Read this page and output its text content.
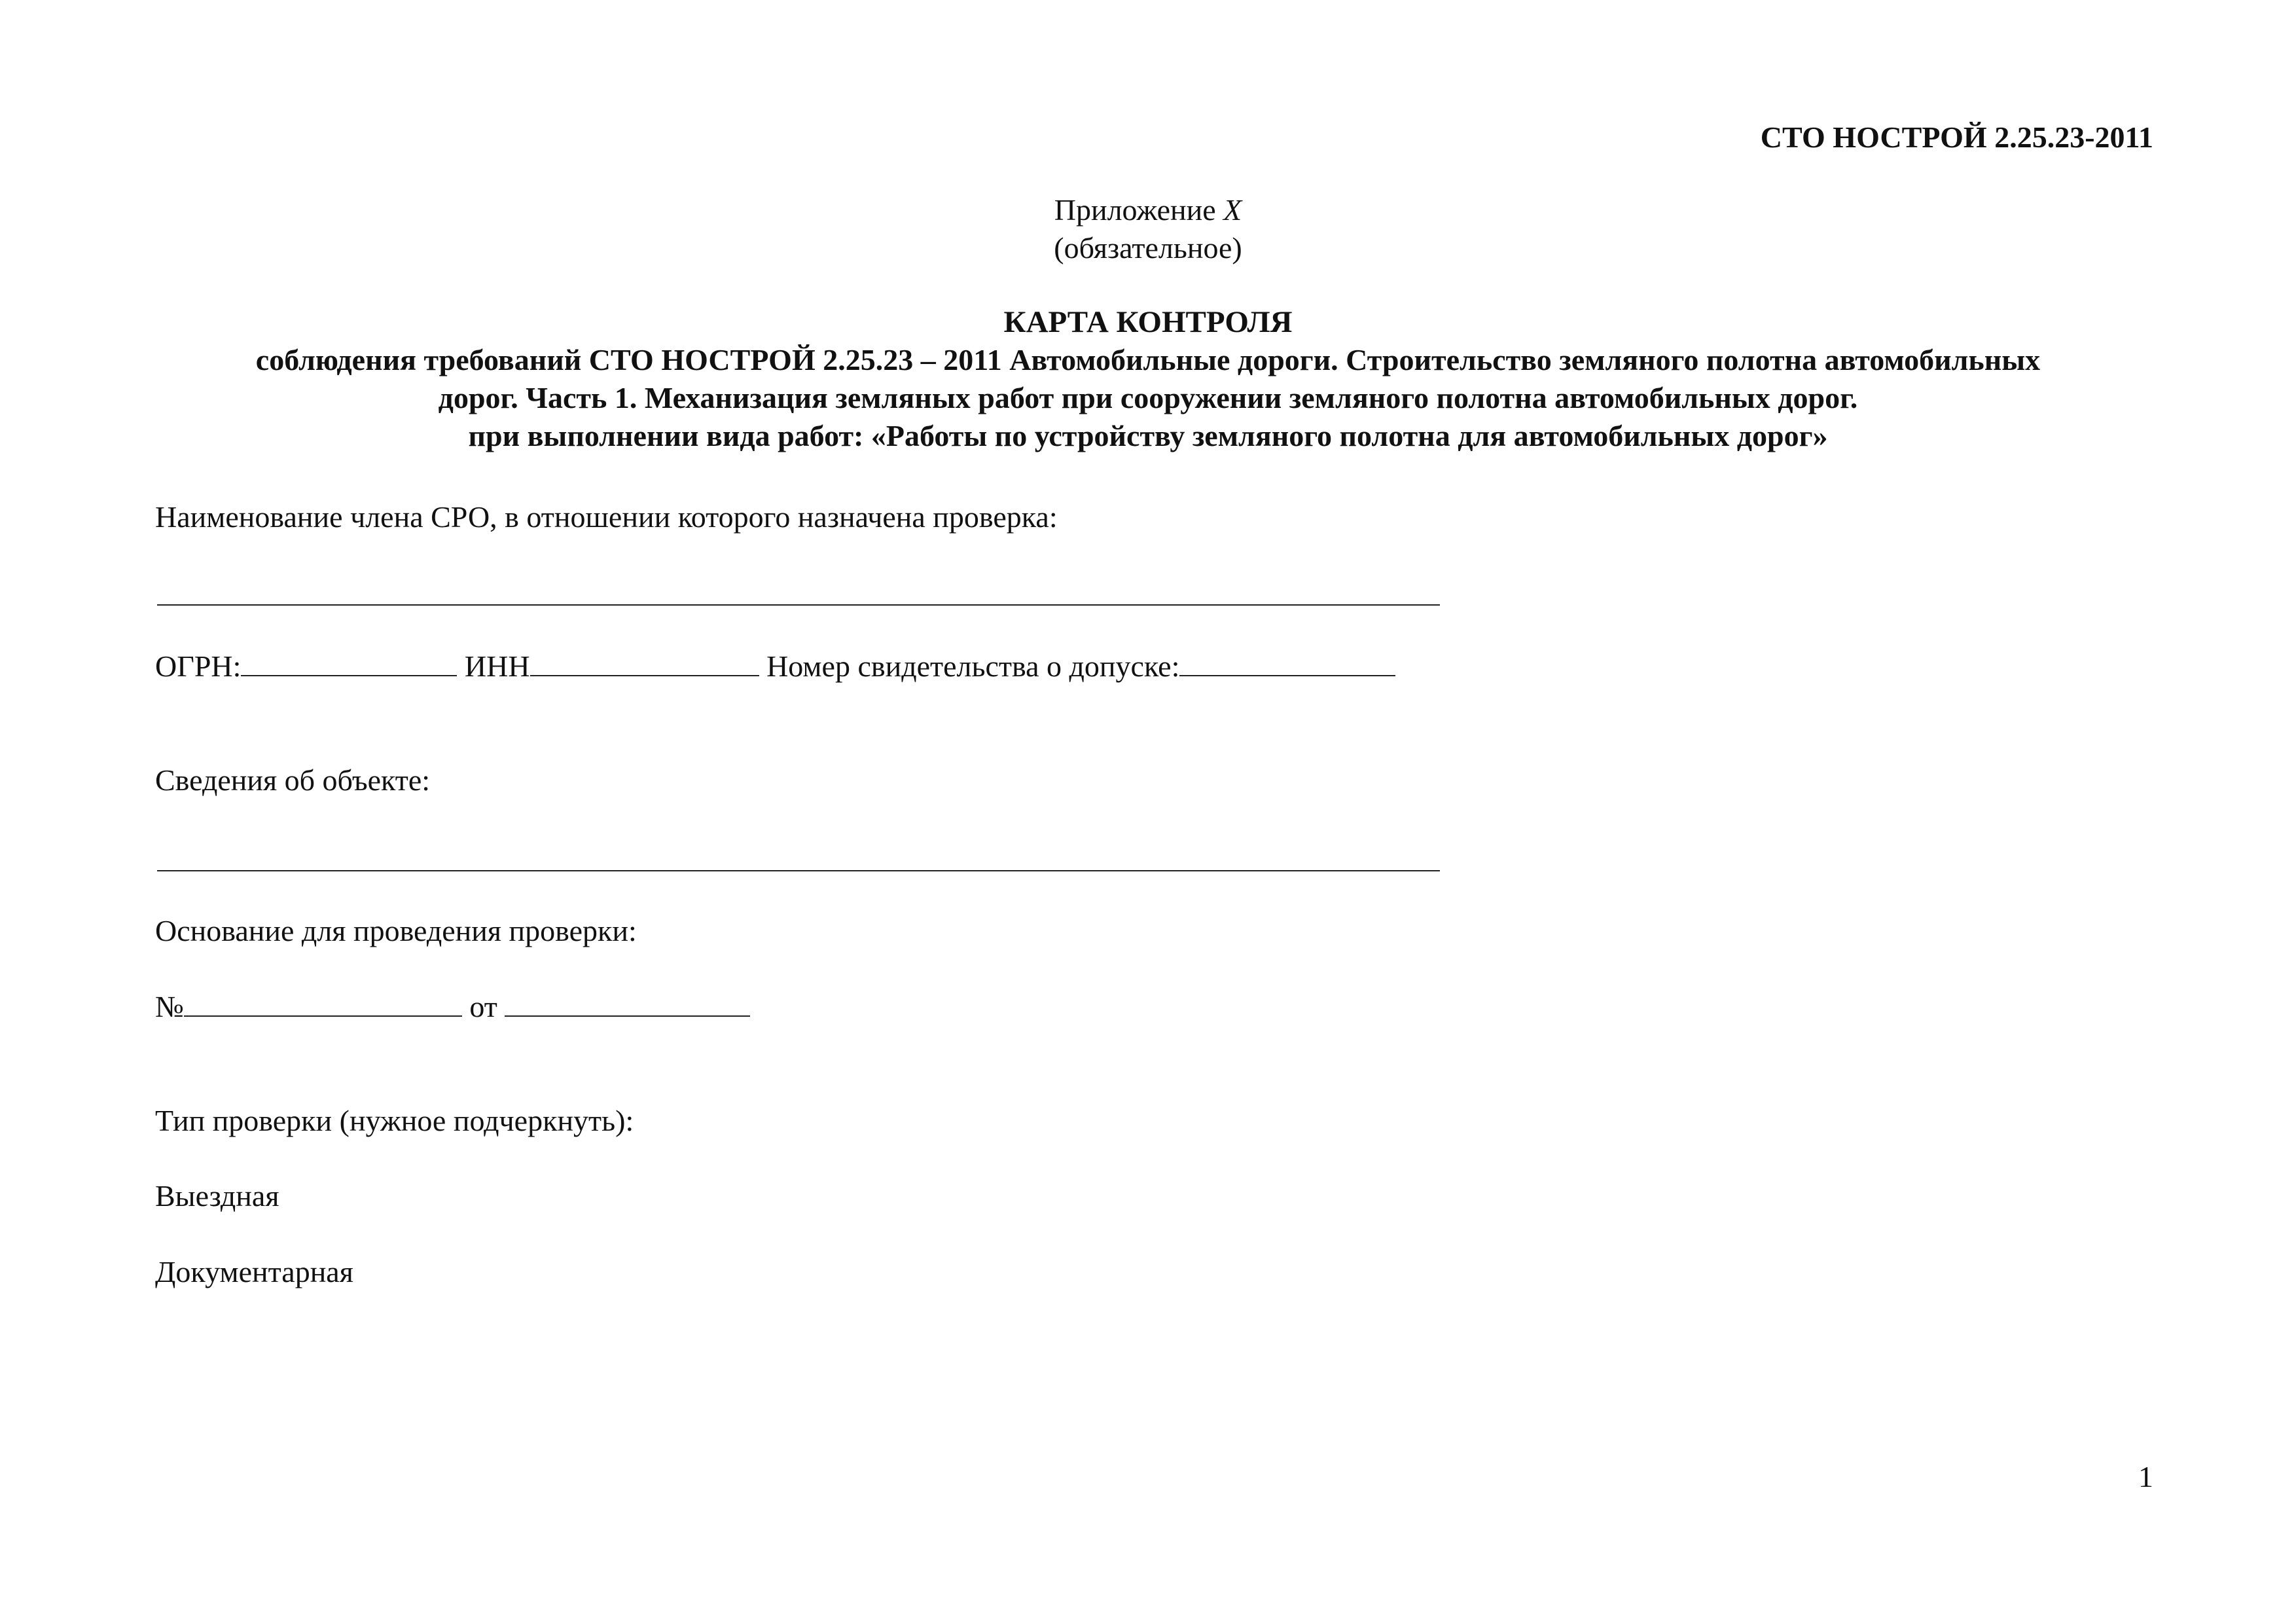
СТО НОСТРОЙ 2.25.23-2011
Приложение Х
(обязательное)
КАРТА КОНТРОЛЯ
соблюдения требований СТО НОСТРОЙ 2.25.23 – 2011 Автомобильные дороги. Строительство земляного полотна автомобильных
дорог. Часть 1. Механизация земляных работ при сооружении земляного полотна автомобильных дорог.
при выполнении вида работ: «Работы по устройству земляного полотна для автомобильных дорог»
Наименование члена СРО, в отношении которого назначена проверка:
ОГРН:	ИНН	Номер свидетельства о допуске:
Сведения об объекте:
Основание для проведения проверки:
№	от
Тип проверки (нужное подчеркнуть):
Выездная
Документарная
1
